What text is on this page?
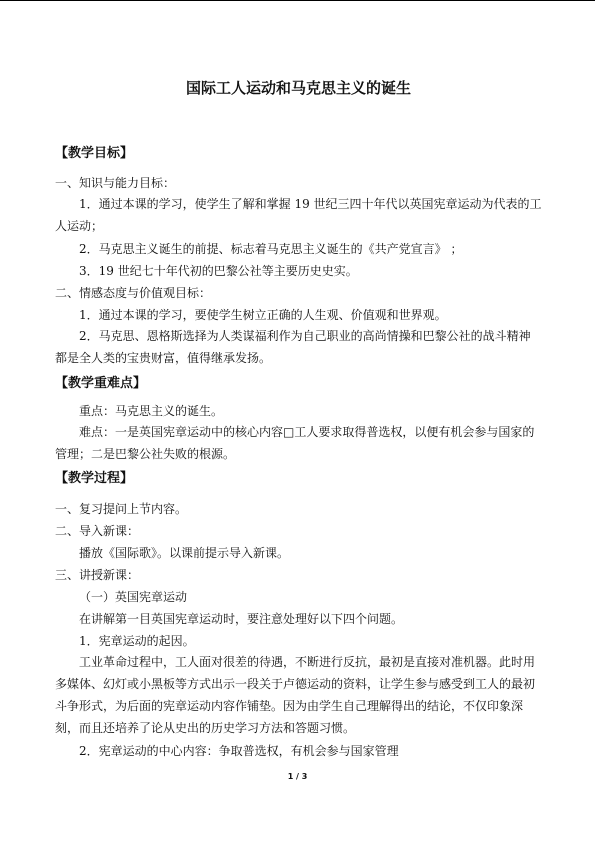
国际工人运动和马克思主义的诞生
【教学目标】
一、知识与能力目标：
1．通过本课的学习，使学生了解和掌握 19 世纪三四十年代以英国宪章运动为代表的工人运动；
2．马克思主义诞生的前提、标志着马克思主义诞生的《共产党宣言》 ；
3．19 世纪七十年代初的巴黎公社等主要历史史实。
二、情感态度与价值观目标：
1．通过本课的学习，要使学生树立正确的人生观、价值观和世界观。
2．马克思、恩格斯选择为人类谋福利作为自己职业的高尚情操和巴黎公社的战斗精神都是全人类的宝贵财富，值得继承发扬。
【教学重难点】
重点：马克思主义的诞生。
难点：一是英国宪章运动中的核心内容□工人要求取得普选权，以便有机会参与国家的管理；二是巴黎公社失败的根源。
【教学过程】
一、复习提问上节内容。
二、导入新课：
播放《国际歌》。以课前提示导入新课。
三、讲授新课：
（一）英国宪章运动
在讲解第一目英国宪章运动时，要注意处理好以下四个问题。
1．宪章运动的起因。
工业革命过程中，工人面对很差的待遇，不断进行反抗，最初是直接对准机器。此时用多媒体、幻灯或小黑板等方式出示一段关于卢德运动的资料，让学生参与感受到工人的最初斗争形式，为后面的宪章运动内容作铺垫。因为由学生自己理解得出的结论，不仅印象深刻，而且还培养了论从史出的历史学习方法和答题习惯。
2．宪章运动的中心内容：争取普选权，有机会参与国家管理
1 / 3
